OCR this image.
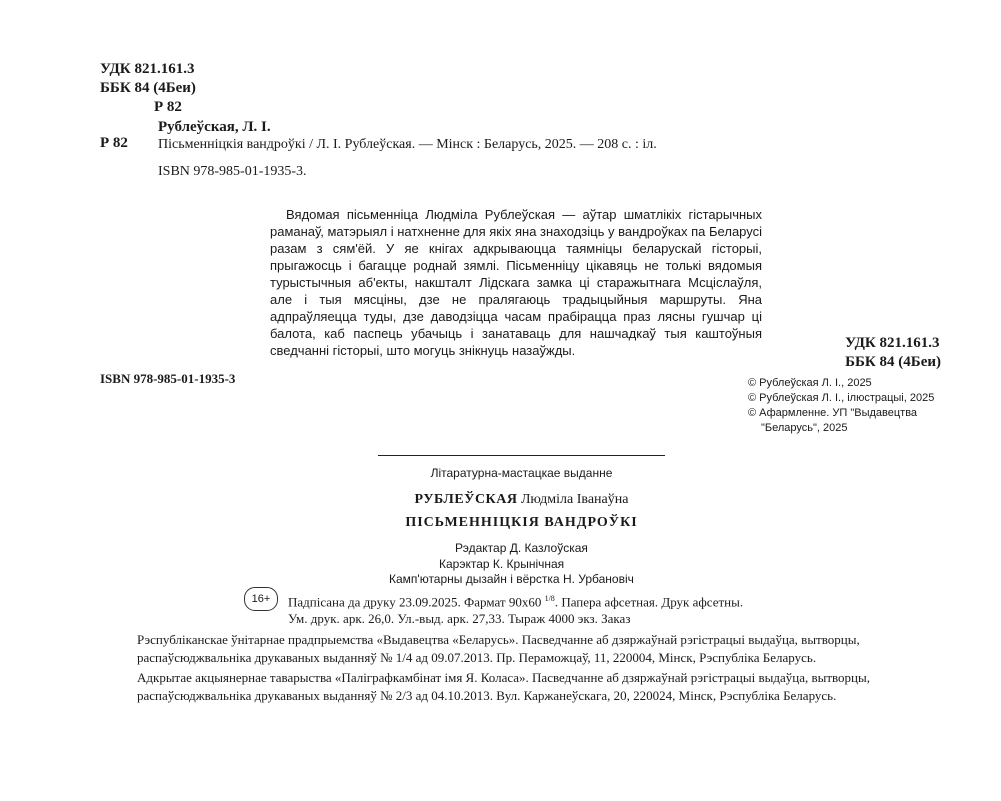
УДК 821.161.3
ББК 84 (4Беи)
Р 82
Рублеўская, Л. І.
Р 82 Пісьменніцкія вандроўкі / Л. І. Рублеўская. — Мінск : Беларусь, 2025. — 208 с. : іл.
ISBN 978-985-01-1935-3.
Вядомая пісьменніца Людміла Рублеўская — аўтар шматлікіх гістарычных раманаў, матэрыял і натхненне для якіх яна знаходзіць у вандроўках па Беларусі разам з сям'ёй. У яе кнігах адкрываюцца таямніцы беларускай гісторыі, прыгажосць і багацце роднай зямлі. Пісьменніцу цікавяць не толькі вядомыя турыстычныя аб'екты, накшталт Лідскага замка ці старажытнага Мсціслаўля, але і тыя мясціны, дзе не пралягаюць традыцыйныя маршруты. Яна адпраўляецца туды, дзе даводзіцца часам прабірацца праз лясны гушчар ці балота, каб паспець убачыць і занатаваць для нашчадкаў тыя каштоўныя сведчанні гісторыі, што могуць знікнуць назаўжды.	УДК 821.161.3
ББК 84 (4Беи)
ISBN 978-985-01-1935-3	© Рублеўская Л. І., 2025
© Рублеўская Л. І., ілюстрацыі, 2025
© Афармленне. УП "Выдавецтва
"Беларусь", 2025
Літаратурна-мастацкае выданне
РУБЛЕЎСКАЯ Людміла Іванаўна
ПІСЬМЕННІЦКІЯ ВАНДРОЎКІ
Рэдактар Д. Казлоўская
Карэктар К. Крынічная
Камп'ютарны дызайн і вёрстка Н. Урбановіч
16+	Падпісана да друку 23.09.2025. Фармат 90х60 $^{1/8}$. Папера афсетная. Друк афсетны.
Ум. друк. арк. 26,0. Ул.-выд. арк. 27,33. Тыраж 4000 экз. Заказ
Рэспубліканскае ўнітарнае прадпрыемства «Выдавецтва «Беларусь». Пасведчанне аб дзяржаўнай рэгістрацыі выдаўца, вытворцы,
распаўсюджвальніка друкаваных выданняў № 1/4 ад 09.07.2013. Пр. Пераможцаў, 11, 220004, Мінск, Рэспубліка Беларусь.
Адкрытае акцыянернае таварыства «Паліграфкамбінат імя Я. Коласа». Пасведчанне аб дзяржаўнай рэгістрацыі выдаўца, вытворцы,
распаўсюджвальніка друкаваных выданняў № 2/3 ад 04.10.2013. Вул. Каржанеўскага, 20, 220024, Мінск, Рэспубліка Беларусь.
